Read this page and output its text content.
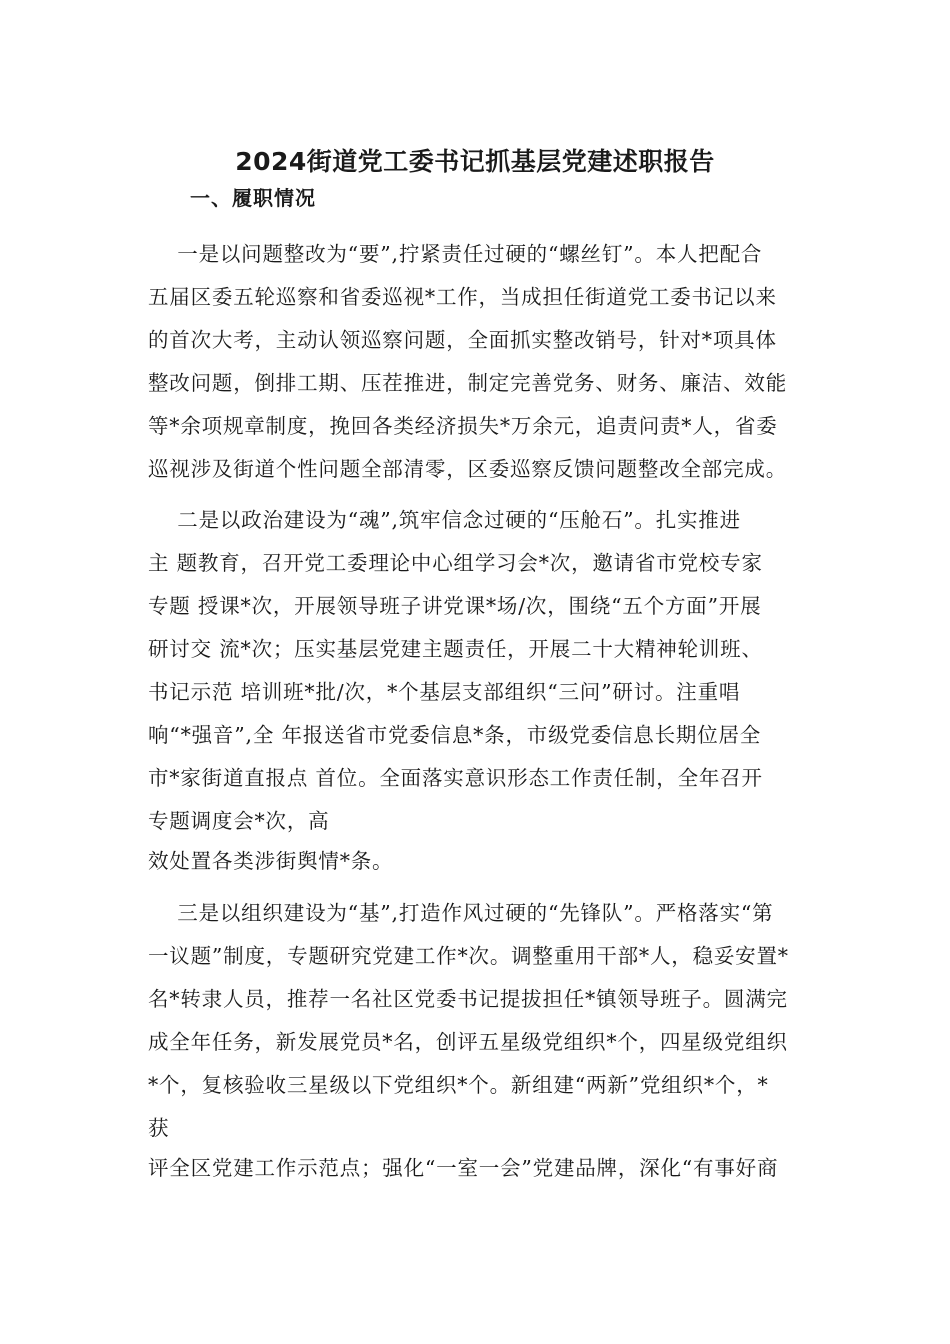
2024街道党工委书记抓基层党建述职报告
一、履职情况
一是以问题整改为“要”,拧紧责任过硬的“螺丝钉”。本人把配合
五届区委五轮巡察和省委巡视*工作，当成担任街道党工委书记以来
的首次大考，主动认领巡察问题，全面抓实整改销号，针对*项具体
整改问题，倒排工期、压茬推进，制定完善党务、财务、廉洁、效能
等*余项规章制度，挽回各类经济损失*万余元，追责问责*人，省委
巡视涉及街道个性问题全部清零，区委巡察反馈问题整改全部完成。
二是以政治建设为“魂”,筑牢信念过硬的“压舱石”。扎实推进
主 题教育，召开党工委理论中心组学习会*次，邀请省市党校专家
专题 授课*次，开展领导班子讲党课*场/次，围绕“五个方面”开展
研讨交 流*次；压实基层党建主题责任，开展二十大精神轮训班、
书记示范 培训班*批/次，*个基层支部组织“三问”研讨。注重唱
响“*强音”,全 年报送省市党委信息*条，市级党委信息长期位居全
市*家街道直报点 首位。全面落实意识形态工作责任制，全年召开
专题调度会*次，高
效处置各类涉街舆情*条。
三是以组织建设为“基”,打造作风过硬的“先锋队”。严格落实“第
一议题”制度，专题研究党建工作*次。调整重用干部*人，稳妥安置*
名*转隶人员，推荐一名社区党委书记提拔担任*镇领导班子。圆满完
成全年任务，新发展党员*名，创评五星级党组织*个，四星级党组织
*个，复核验收三星级以下党组织*个。新组建“两新”党组织*个，*
获
评全区党建工作示范点；强化“一室一会”党建品牌，深化“有事好商
